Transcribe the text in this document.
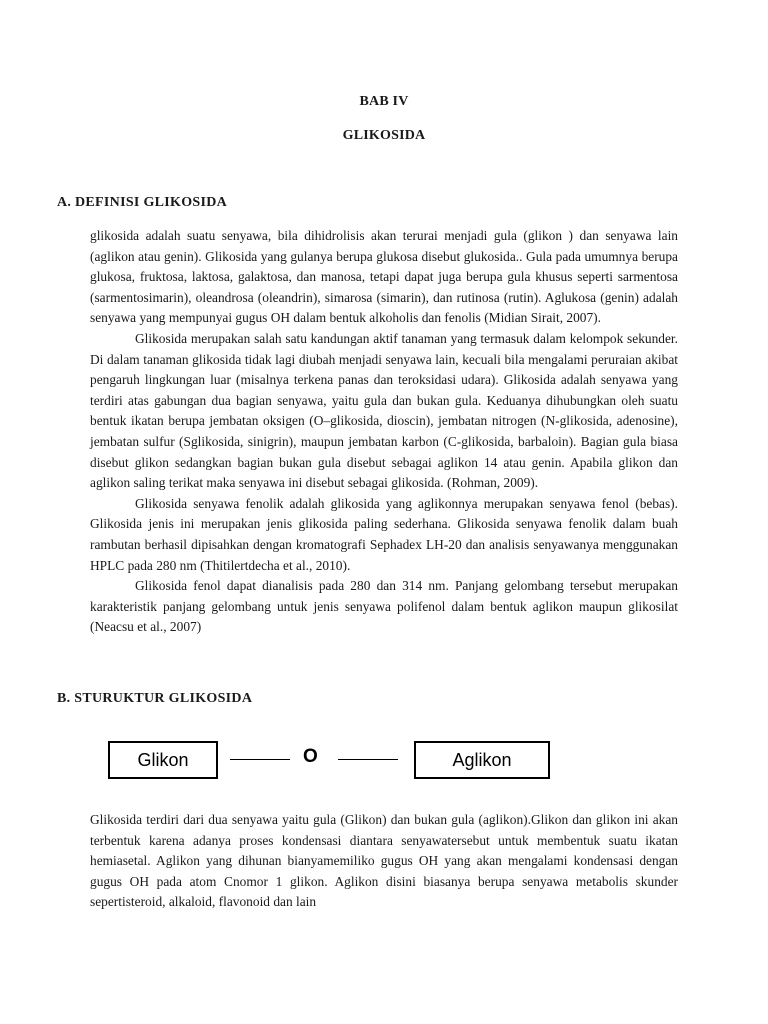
BAB IV
GLIKOSIDA
A. DEFINISI GLIKOSIDA

glikosida adalah suatu senyawa, bila dihidrolisis akan terurai menjadi gula (glikon ) dan senyawa lain (aglikon atau genin). Glikosida yang gulanya berupa glukosa disebut glukosida.. Gula pada umumnya berupa glukosa, fruktosa, laktosa, galaktosa, dan manosa, tetapi dapat juga berupa gula khusus seperti sarmentosa (sarmentosimarin), oleandrosa (oleandrin), simarosa (simarin), dan rutinosa (rutin). Aglukosa (genin) adalah senyawa yang mempunyai gugus OH dalam bentuk alkoholis dan fenolis (Midian Sirait, 2007).

Glikosida merupakan salah satu kandungan aktif tanaman yang termasuk dalam kelompok sekunder. Di dalam tanaman glikosida tidak lagi diubah menjadi senyawa lain, kecuali bila mengalami peruraian akibat pengaruh lingkungan luar (misalnya terkena panas dan teroksidasi udara). Glikosida adalah senyawa yang terdiri atas gabungan dua bagian senyawa, yaitu gula dan bukan gula. Keduanya dihubungkan oleh suatu bentuk ikatan berupa jembatan oksigen (O–glikosida, dioscin), jembatan nitrogen (N-glikosida, adenosine), jembatan sulfur (Sglikosida, sinigrin), maupun jembatan karbon (C-glikosida, barbaloin). Bagian gula biasa disebut glikon sedangkan bagian bukan gula disebut sebagai aglikon 14 atau genin. Apabila glikon dan aglikon saling terikat maka senyawa ini disebut sebagai glikosida. (Rohman, 2009).

Glikosida senyawa fenolik adalah glikosida yang aglikonnya merupakan senyawa fenol (bebas). Glikosida jenis ini merupakan jenis glikosida paling sederhana. Glikosida senyawa fenolik dalam buah rambutan berhasil dipisahkan dengan kromatografi Sephadex LH-20 dan analisis senyawanya menggunakan HPLC pada 280 nm (Thitilertdecha et al., 2010).

Glikosida fenol dapat dianalisis pada 280 dan 314 nm. Panjang gelombang tersebut merupakan karakteristik panjang gelombang untuk jenis senyawa polifenol dalam bentuk aglikon maupun glikosilat (Neacsu et al., 2007)

B. STURUKTUR GLIKOSIDA
Glikon	O	Aglikon

Glikosida terdiri dari dua senyawa yaitu gula (Glikon) dan bukan gula (aglikon).Glikon dan glikon ini akan terbentuk karena adanya proses kondensasi diantara senyawatersebut untuk membentuk suatu ikatan hemiasetal. Aglikon yang dihunan bianyamemiliko gugus OH yang akan mengalami kondensasi dengan gugus OH pada atom Cnomor 1 glikon. Aglikon disini biasanya berupa senyawa metabolis skunder sepertisteroid, alkaloid, flavonoid dan lain
